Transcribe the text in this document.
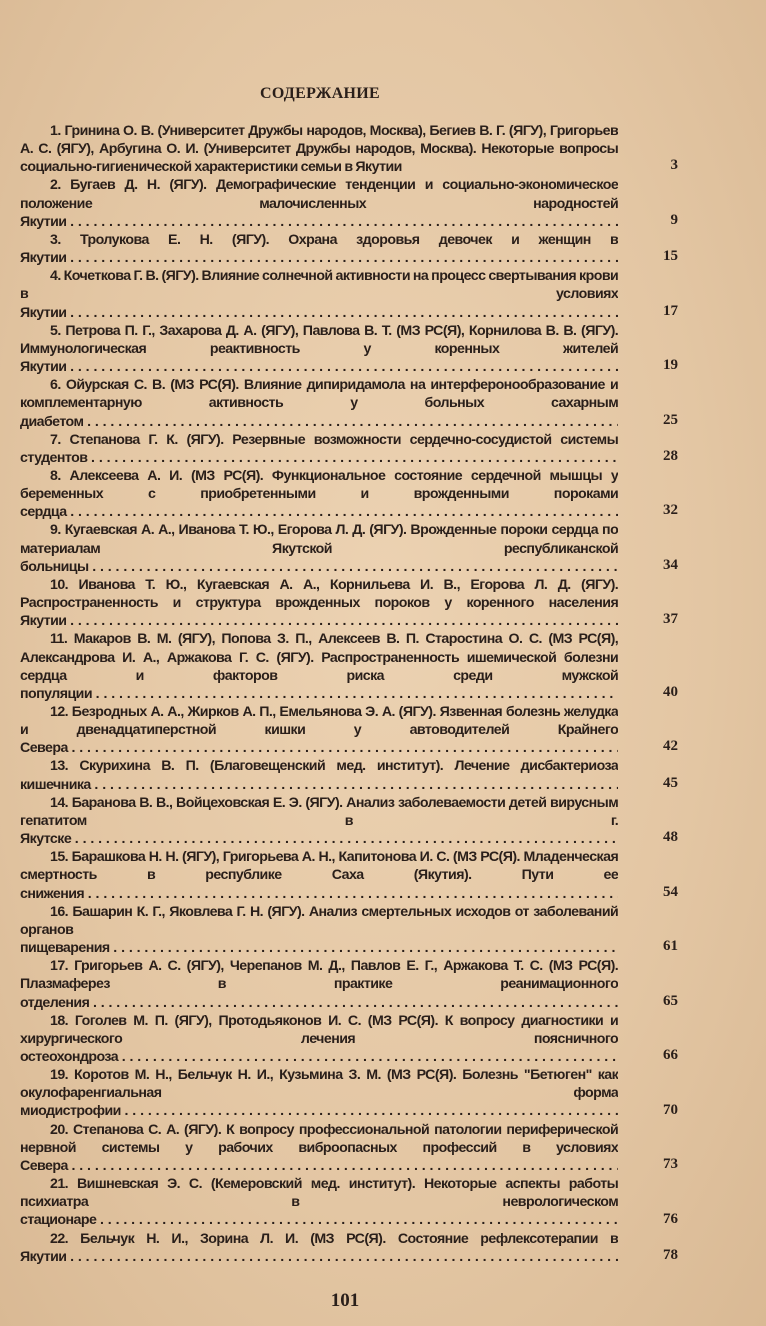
СОДЕРЖАНИЕ
1. Гринина О. В. (Университет Дружбы народов, Москва), Бегиев В. Г. (ЯГУ), Григорьев А. С. (ЯГУ), Арбугина О. И. (Университет Дружбы народов, Москва). Некоторые вопросы социально-гигиенической характеристики семьи в Якутии	3
2. Бугаев Д. Н. (ЯГУ). Демографические тенденции и социально-экономическое положение малочисленных народностей Якутии . . .	9
3. Тролукова Е. Н. (ЯГУ). Охрана здоровья девочек и женщин в Якутии . . .	15
4. Кочеткова Г. В. (ЯГУ). Влияние солнечной активности на процесс свертывания крови в условиях Якутии . . .	17
5. Петрова П. Г., Захарова Д. А. (ЯГУ), Павлова В. Т. (МЗ РС(Я), Корнилова В. В. (ЯГУ). Иммунологическая реактивность у коренных жителей Якутии . . .	19
6. Ойурская С. В. (МЗ РС(Я). Влияние дипиридамола на интерферонообразование и комплементарную активность у больных сахарным диабетом . . .	25
7. Степанова Г. К. (ЯГУ). Резервные возможности сердечно-сосудистой системы студентов . . .	28
8. Алексеева А. И. (МЗ РС(Я). Функциональное состояние сердечной мышцы у беременных с приобретенными и врожденными пороками сердца . . .	32
9. Кугаевская А. А., Иванова Т. Ю., Егорова Л. Д. (ЯГУ). Врожденные пороки сердца по материалам Якутской республиканской больницы . . .	34
10. Иванова Т. Ю., Кугаевская А. А., Корнильева И. В., Егорова Л. Д. (ЯГУ). Распространенность и структура врожденных пороков у коренного населения Якутии . . .	37
11. Макаров В. М. (ЯГУ), Попова З. П., Алексеев В. П. Старостина О. С. (МЗ РС(Я), Александрова И. А., Аржакова Г. С. (ЯГУ). Распространенность ишемической болезни сердца и факторов риска среди мужской популяции . . .	40
12. Безродных А. А., Жирков А. П., Емельянова Э. А. (ЯГУ). Язвенная болезнь желудка и двенадцатиперстной кишки у автоводителей Крайнего Севера . . .	42
13. Скурихина В. П. (Благовещенский мед. институт). Лечение дисбактериоза кишечника . . .	45
14. Баранова В. В., Войцеховская Е. Э. (ЯГУ). Анализ заболеваемости детей вирусным гепатитом в г. Якутске . . .	48
15. Барашкова Н. Н. (ЯГУ), Григорьева А. Н., Капитонова И. С. (МЗ РС(Я). Младенческая смертность в республике Саха (Якутия). Пути ее снижения . . .	54
16. Башарин К. Г., Яковлева Г. Н. (ЯГУ). Анализ смертельных исходов от заболеваний органов пищеварения . . .	61
17. Григорьев А. С. (ЯГУ), Черепанов М. Д., Павлов Е. Г., Аржакова Т. С. (МЗ РС(Я). Плазмаферез в практике реанимационного отделения . . .	65
18. Гоголев М. П. (ЯГУ), Протодьяконов И. С. (МЗ РС(Я). К вопросу диагностики и хирургического лечения поясничного остеохондроза . . .	66
19. Коротов М. Н., Бельчук Н. И., Кузьмина З. М. (МЗ РС(Я). Болезнь "Бетюген" как окулофаренгиальная форма миодистрофии . . .	70
20. Степанова С. А. (ЯГУ). К вопросу профессиональной патологии периферической нервной системы у рабочих виброопасных профессий в условиях Севера . . .	73
21. Вишневская Э. С. (Кемеровский мед. институт). Некоторые аспекты работы психиатра в неврологическом стационаре . . .	76
22. Бельчук Н. И., Зорина Л. И. (МЗ РС(Я). Состояние рефлексотерапии в Якутии . . .	78
101
